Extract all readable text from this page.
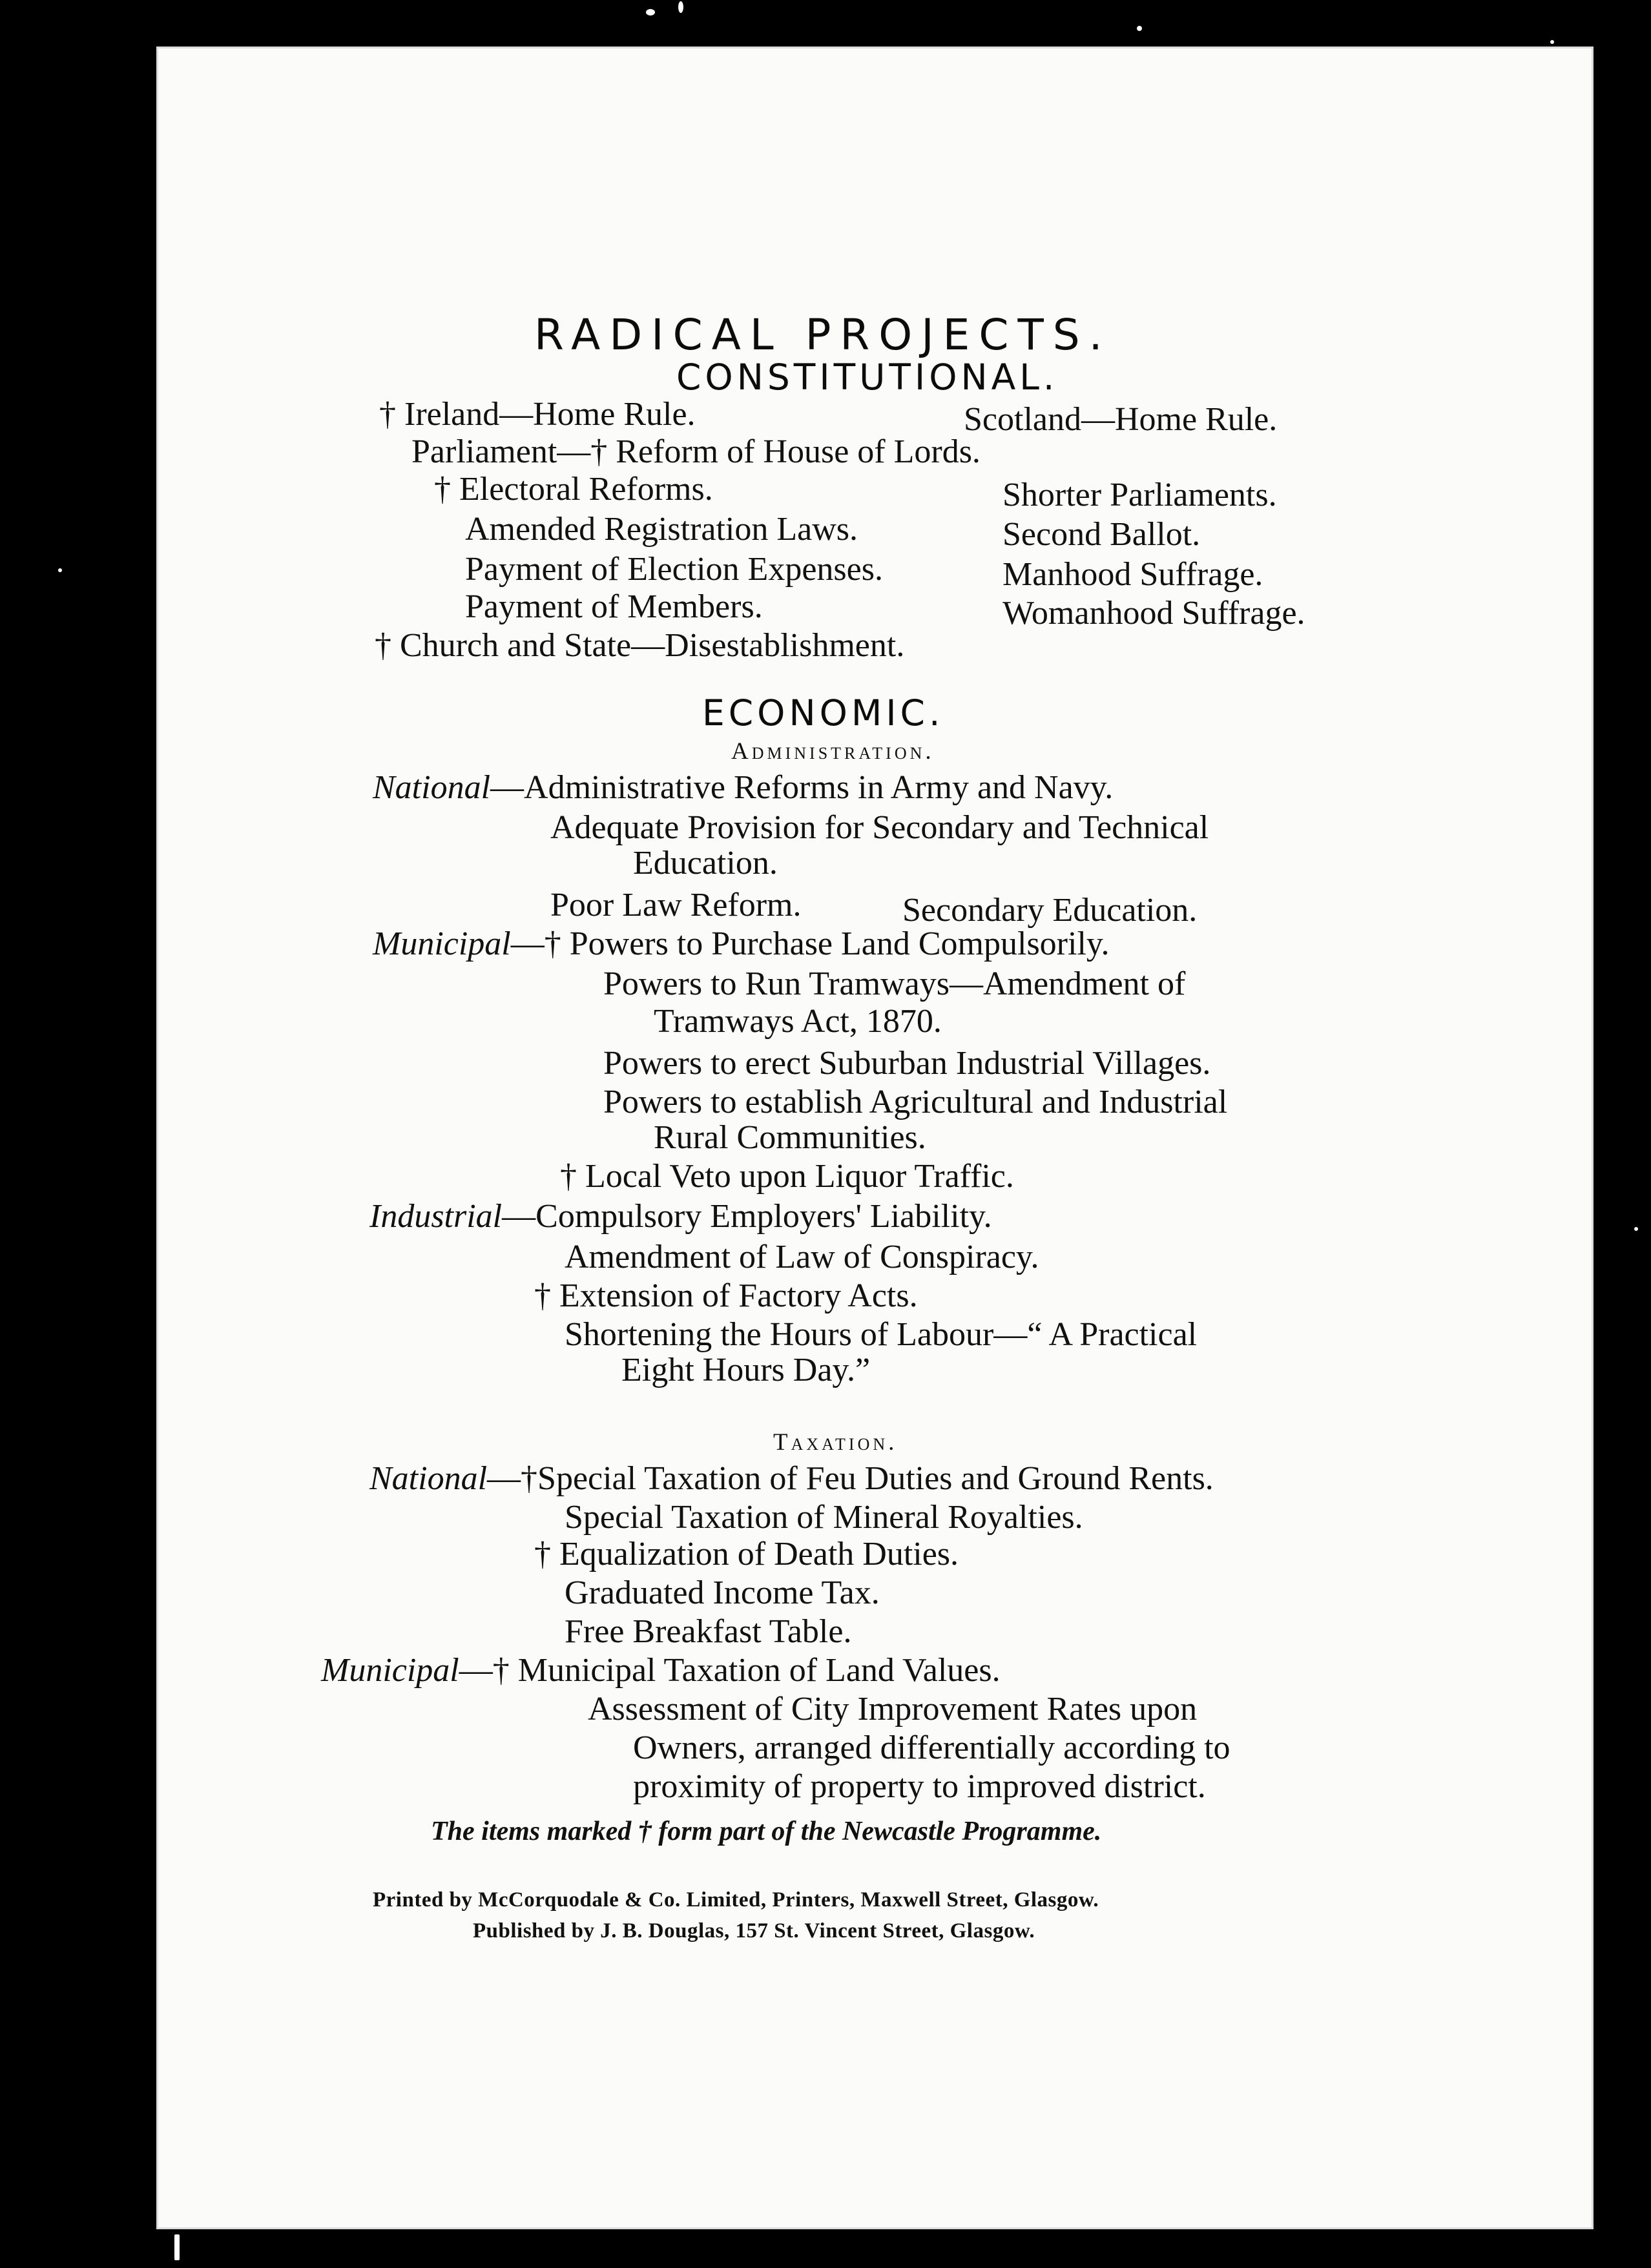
RADICAL PROJECTS.
CONSTITUTIONAL.
† Ireland—Home Rule.	Scotland—Home Rule.
Parliament—† Reform of House of Lords.
† Electoral Reforms.	Shorter Parliaments.
Amended Registration Laws.	Second Ballot.
Payment of Election Expenses.	Manhood Suffrage.
Payment of Members.	Womanhood Suffrage.
† Church and State—Disestablishment.
ECONOMIC.
Administration.
National—Administrative Reforms in Army and Navy.
Adequate Provision for Secondary and Technical
Education.
Poor Law Reform.	Secondary Education.
Municipal—† Powers to Purchase Land Compulsorily.
Powers to Run Tramways—Amendment of
Tramways Act, 1870.
Powers to erect Suburban Industrial Villages.
Powers to establish Agricultural and Industrial
Rural Communities.
† Local Veto upon Liquor Traffic.
Industrial—Compulsory Employers' Liability.
Amendment of Law of Conspiracy.
† Extension of Factory Acts.
Shortening the Hours of Labour—“ A Practical
Eight Hours Day.”
Taxation.
National—†Special Taxation of Feu Duties and Ground Rents.
Special Taxation of Mineral Royalties.
† Equalization of Death Duties.
Graduated Income Tax.
Free Breakfast Table.
Municipal—† Municipal Taxation of Land Values.
Assessment of City Improvement Rates upon
Owners, arranged differentially according to
proximity of property to improved district.
The items marked † form part of the Newcastle Programme.
Printed by McCorquodale & Co. Limited, Printers, Maxwell Street, Glasgow.
Published by J. B. Douglas, 157 St. Vincent Street, Glasgow.
